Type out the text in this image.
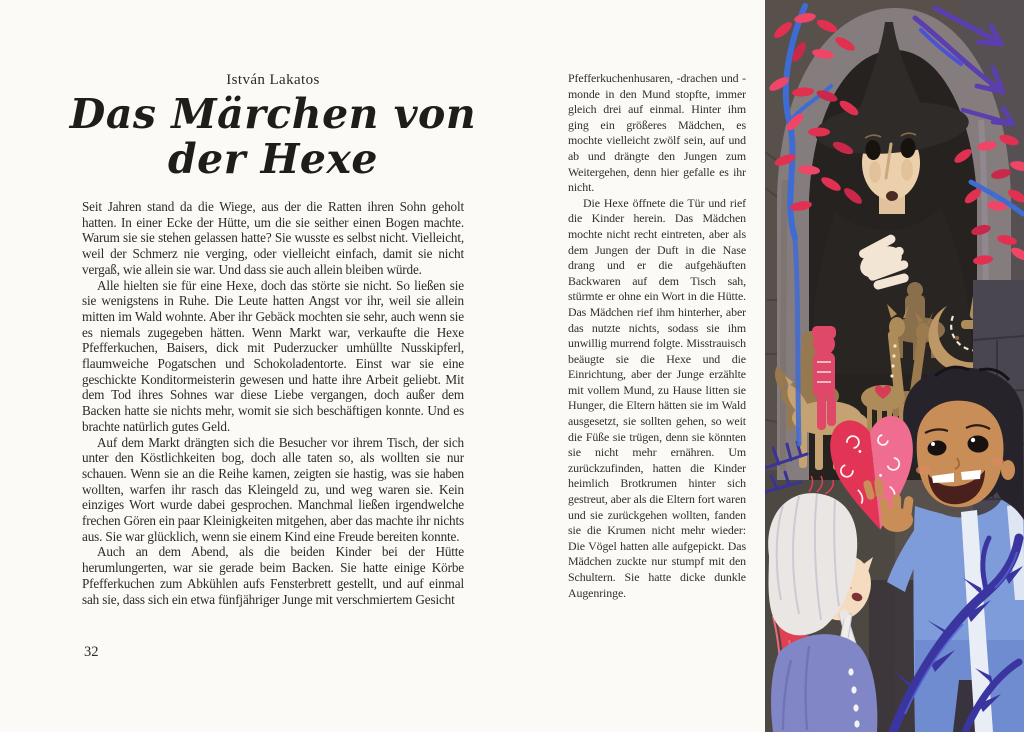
István Lakatos
Das Märchen von
der Hexe

Seit Jahren stand da die Wiege, aus der die Ratten ihren Sohn geholt hatten. In einer Ecke der Hütte, um die sie seither einen Bogen machte. Warum sie sie stehen gelassen hatte? Sie wusste es selbst nicht. Vielleicht, weil der Schmerz nie verging, oder vielleicht einfach, damit sie nicht vergaß, wie allein sie war. Und dass sie auch allein bleiben würde.

Alle hielten sie für eine Hexe, doch das störte sie nicht. So ließen sie sie wenigstens in Ruhe. Die Leute hatten Angst vor ihr, weil sie allein mitten im Wald wohnte. Aber ihr Gebäck mochten sie sehr, auch wenn sie es niemals zugegeben hätten. Wenn Markt war, verkaufte die Hexe Pfefferkuchen, Baisers, dick mit Puderzucker umhüllte Nusskipferl, flaumweiche Pogatschen und Schokoladentorte. Einst war sie eine geschickte Konditormeisterin gewesen und hatte ihre Arbeit geliebt. Mit dem Tod ihres Sohnes war diese Liebe vergangen, doch außer dem Backen hatte sie nichts mehr, womit sie sich beschäftigen konnte. Und es brachte natürlich gutes Geld.

Auf dem Markt drängten sich die Besucher vor ihrem Tisch, der sich unter den Köstlichkeiten bog, doch alle taten so, als wollten sie nur schauen. Wenn sie an die Reihe kamen, zeigten sie hastig, was sie haben wollten, warfen ihr rasch das Kleingeld zu, und weg waren sie. Kein einziges Wort wurde dabei gesprochen. Manchmal ließen irgendwelche frechen Gören ein paar Kleinigkeiten mitgehen, aber das machte ihr nichts aus. Sie war glücklich, wenn sie einem Kind eine Freude bereiten konnte.

Auch an dem Abend, als die beiden Kinder bei der Hütte herumlungerten, war sie gerade beim Backen. Sie hatte einige Körbe Pfefferkuchen zum Abkühlen aufs Fensterbrett gestellt, und auf einmal sah sie, dass sich ein etwa fünfjähriger Junge mit verschmiertem Gesicht

32

Pfefferkuchenhusaren, -drachen und -monde in den Mund stopfte, immer gleich drei auf einmal. Hinter ihm ging ein größeres Mädchen, es mochte vielleicht zwölf sein, auf und ab und drängte den Jungen zum Weitergehen, denn hier gefalle es ihr nicht.

Die Hexe öffnete die Tür und rief die Kinder herein. Das Mädchen mochte nicht recht eintreten, aber als dem Jungen der Duft in die Nase drang und er die aufgehäuften Backwaren auf dem Tisch sah, stürmte er ohne ein Wort in die Hütte. Das Mädchen rief ihm hinterher, aber das nutzte nichts, sodass sie ihm unwillig murrend folgte. Misstrauisch beäugte sie die Hexe und die Einrichtung, aber der Junge erzählte mit vollem Mund, zu Hause litten sie Hunger, die Eltern hätten sie im Wald ausgesetzt, sie sollten gehen, so weit die Füße sie trügen, denn sie könnten sie nicht mehr ernähren. Um zurückzufinden, hatten die Kinder heimlich Brotkrumen hinter sich gestreut, aber als die Eltern fort waren und sie zurückgehen wollten, fanden sie die Krumen nicht mehr wieder: Die Vögel hatten alle aufgepickt. Das Mädchen zuckte nur stumpf mit den Schultern. Sie hatte dicke dunkle Augenringe.
